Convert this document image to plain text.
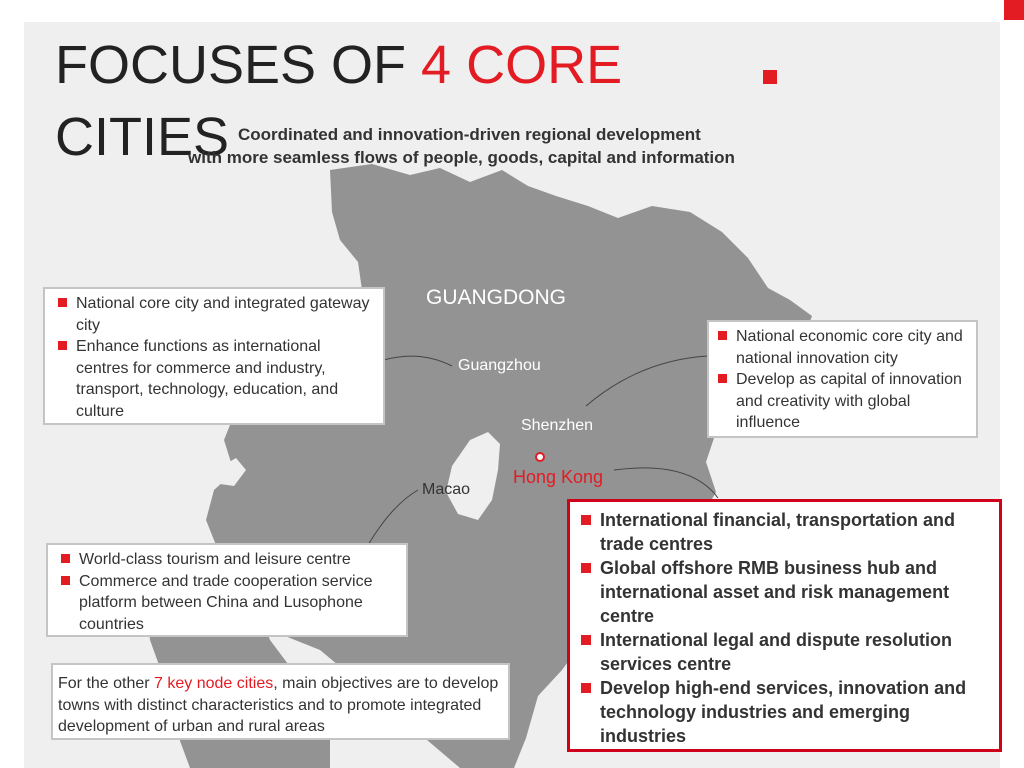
FOCUSES OF 4 CORE
CITIES Coordinated and innovation-driven regional development
with more seamless flows of people, goods, capital and information
GUANGDONG
Guangzhou
Shenzhen
Macao
Hong Kong
National core city and integrated gateway city
Enhance functions as international centres for commerce and industry, transport, technology, education, and culture
National economic core city and national innovation city
Develop as capital of innovation and creativity with global influence
World-class tourism and leisure centre
Commerce and trade cooperation service platform between China and Lusophone countries
For the other 7 key node cities, main objectives are to develop towns with distinct characteristics and to promote integrated development of urban and rural areas
International financial, transportation and trade centres
Global offshore RMB business hub and international asset and risk management centre
International legal and dispute resolution services centre
Develop high-end services, innovation and technology industries and emerging industries
